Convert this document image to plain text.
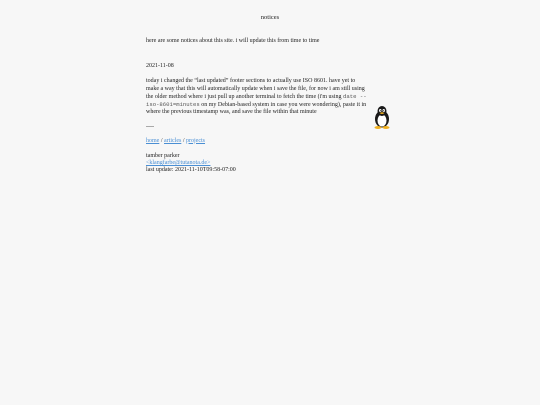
notices

here are some notices about this site. i will update this from time to time

2021-11-08

today i changed the “last updated” footer sections to actually use ISO 8601. have yet to make a way that this will automatically update when i save the file, for now i am still using the older method where i just pull up another terminal to fetch the time (i'm using date --iso-8601=minutes on my Debian-based system in case you were wondering), paste it in where the previous timestamp was, and save the file within that minute

----

home / articles / projects
tamber parker
<klangfarbe@tutanota.de>
last update: 2021-11-10T09:58-07:00
